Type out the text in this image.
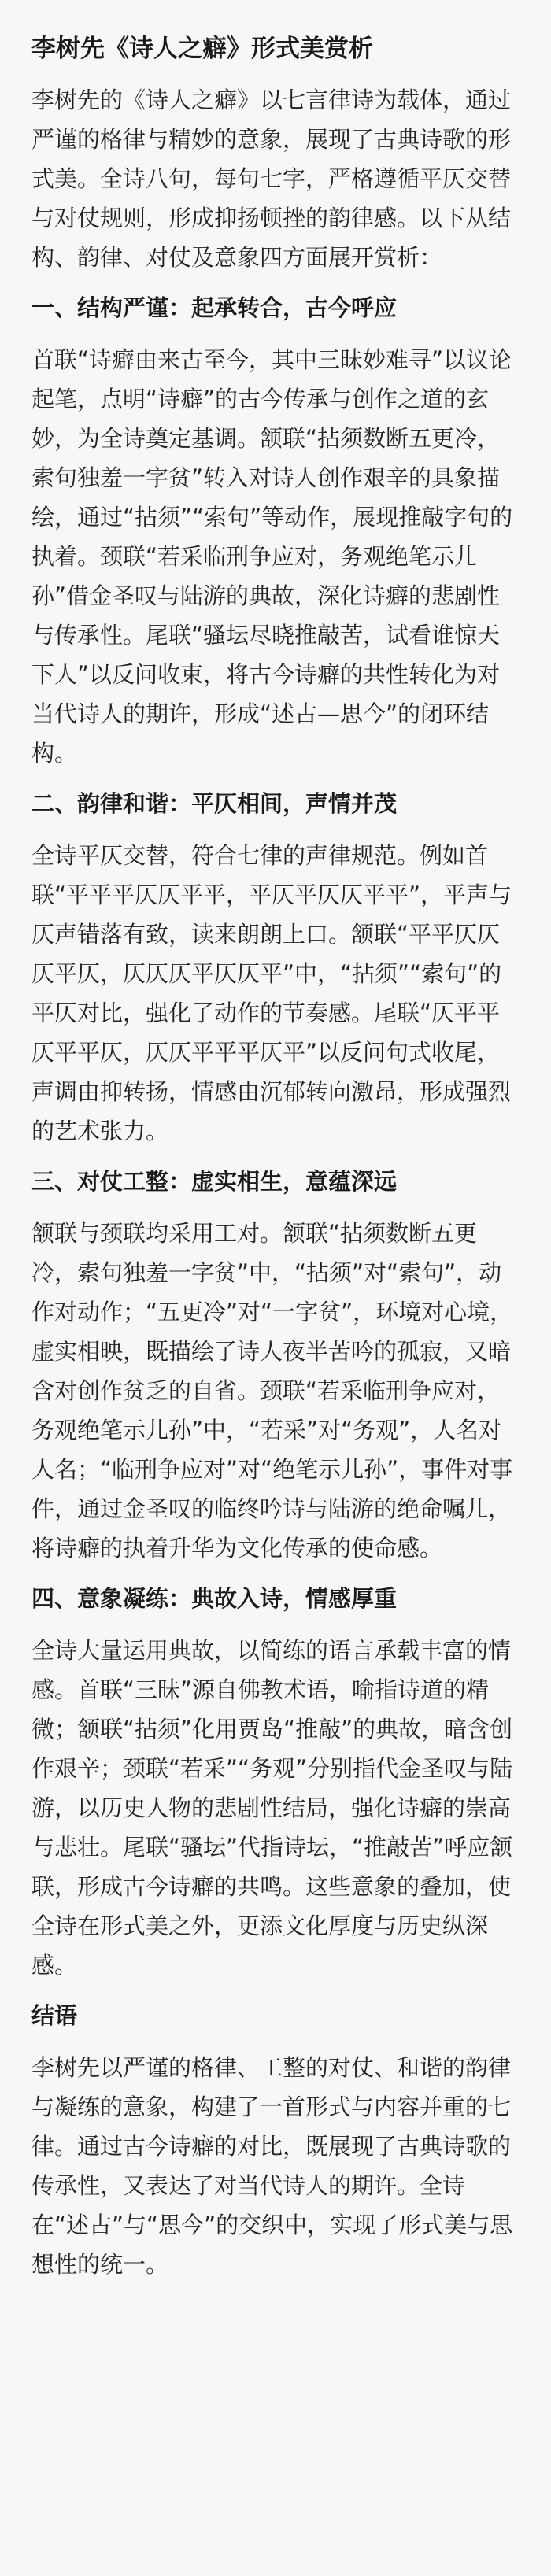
李树先《诗人之癖》形式美赏析

李树先的《诗人之癖》以七言律诗为载体，通过严谨的格律与精妙的意象，展现了古典诗歌的形式美。全诗八句，每句七字，严格遵循平仄交替与对仗规则，形成抑扬顿挫的韵律感。以下从结构、韵律、对仗及意象四方面展开赏析：

一、结构严谨：起承转合，古今呼应

首联“诗癖由来古至今，其中三昧妙难寻”以议论起笔，点明“诗癖”的古今传承与创作之道的玄妙，为全诗奠定基调。颔联“拈须数断五更冷，索句独羞一字贫”转入对诗人创作艰辛的具象描绘，通过“拈须”“索句”等动作，展现推敲字句的执着。颈联“若采临刑争应对，务观绝笔示儿孙”借金圣叹与陆游的典故，深化诗癖的悲剧性与传承性。尾联“骚坛尽晓推敲苦，试看谁惊天下人”以反问收束，将古今诗癖的共性转化为对当代诗人的期许，形成“述古—思今”的闭环结构。

二、韵律和谐：平仄相间，声情并茂

全诗平仄交替，符合七律的声律规范。例如首联“平平平仄仄平平，平仄平仄仄平平”，平声与仄声错落有致，读来朗朗上口。颔联“平平仄仄仄平仄，仄仄仄平仄仄平”中，“拈须”“索句”的平仄对比，强化了动作的节奏感。尾联“仄平平仄平平仄，仄仄平平平仄平”以反问句式收尾，声调由抑转扬，情感由沉郁转向激昂，形成强烈的艺术张力。

三、对仗工整：虚实相生，意蕴深远

颔联与颈联均采用工对。颔联“拈须数断五更冷，索句独羞一字贫”中，“拈须”对“索句”，动作对动作；“五更冷”对“一字贫”，环境对心境，虚实相映，既描绘了诗人夜半苦吟的孤寂，又暗含对创作贫乏的自省。颈联“若采临刑争应对，务观绝笔示儿孙”中，“若采”对“务观”，人名对人名；“临刑争应对”对“绝笔示儿孙”，事件对事件，通过金圣叹的临终吟诗与陆游的绝命嘱儿，将诗癖的执着升华为文化传承的使命感。

四、意象凝练：典故入诗，情感厚重

全诗大量运用典故，以简练的语言承载丰富的情感。首联“三昧”源自佛教术语，喻指诗道的精微；颔联“拈须”化用贾岛“推敲”的典故，暗含创作艰辛；颈联“若采”“务观”分别指代金圣叹与陆游，以历史人物的悲剧性结局，强化诗癖的崇高与悲壮。尾联“骚坛”代指诗坛，“推敲苦”呼应颔联，形成古今诗癖的共鸣。这些意象的叠加，使全诗在形式美之外，更添文化厚度与历史纵深感。

结语

李树先以严谨的格律、工整的对仗、和谐的韵律与凝练的意象，构建了一首形式与内容并重的七律。通过古今诗癖的对比，既展现了古典诗歌的传承性，又表达了对当代诗人的期许。全诗在“述古”与“思今”的交织中，实现了形式美与思想性的统一。
